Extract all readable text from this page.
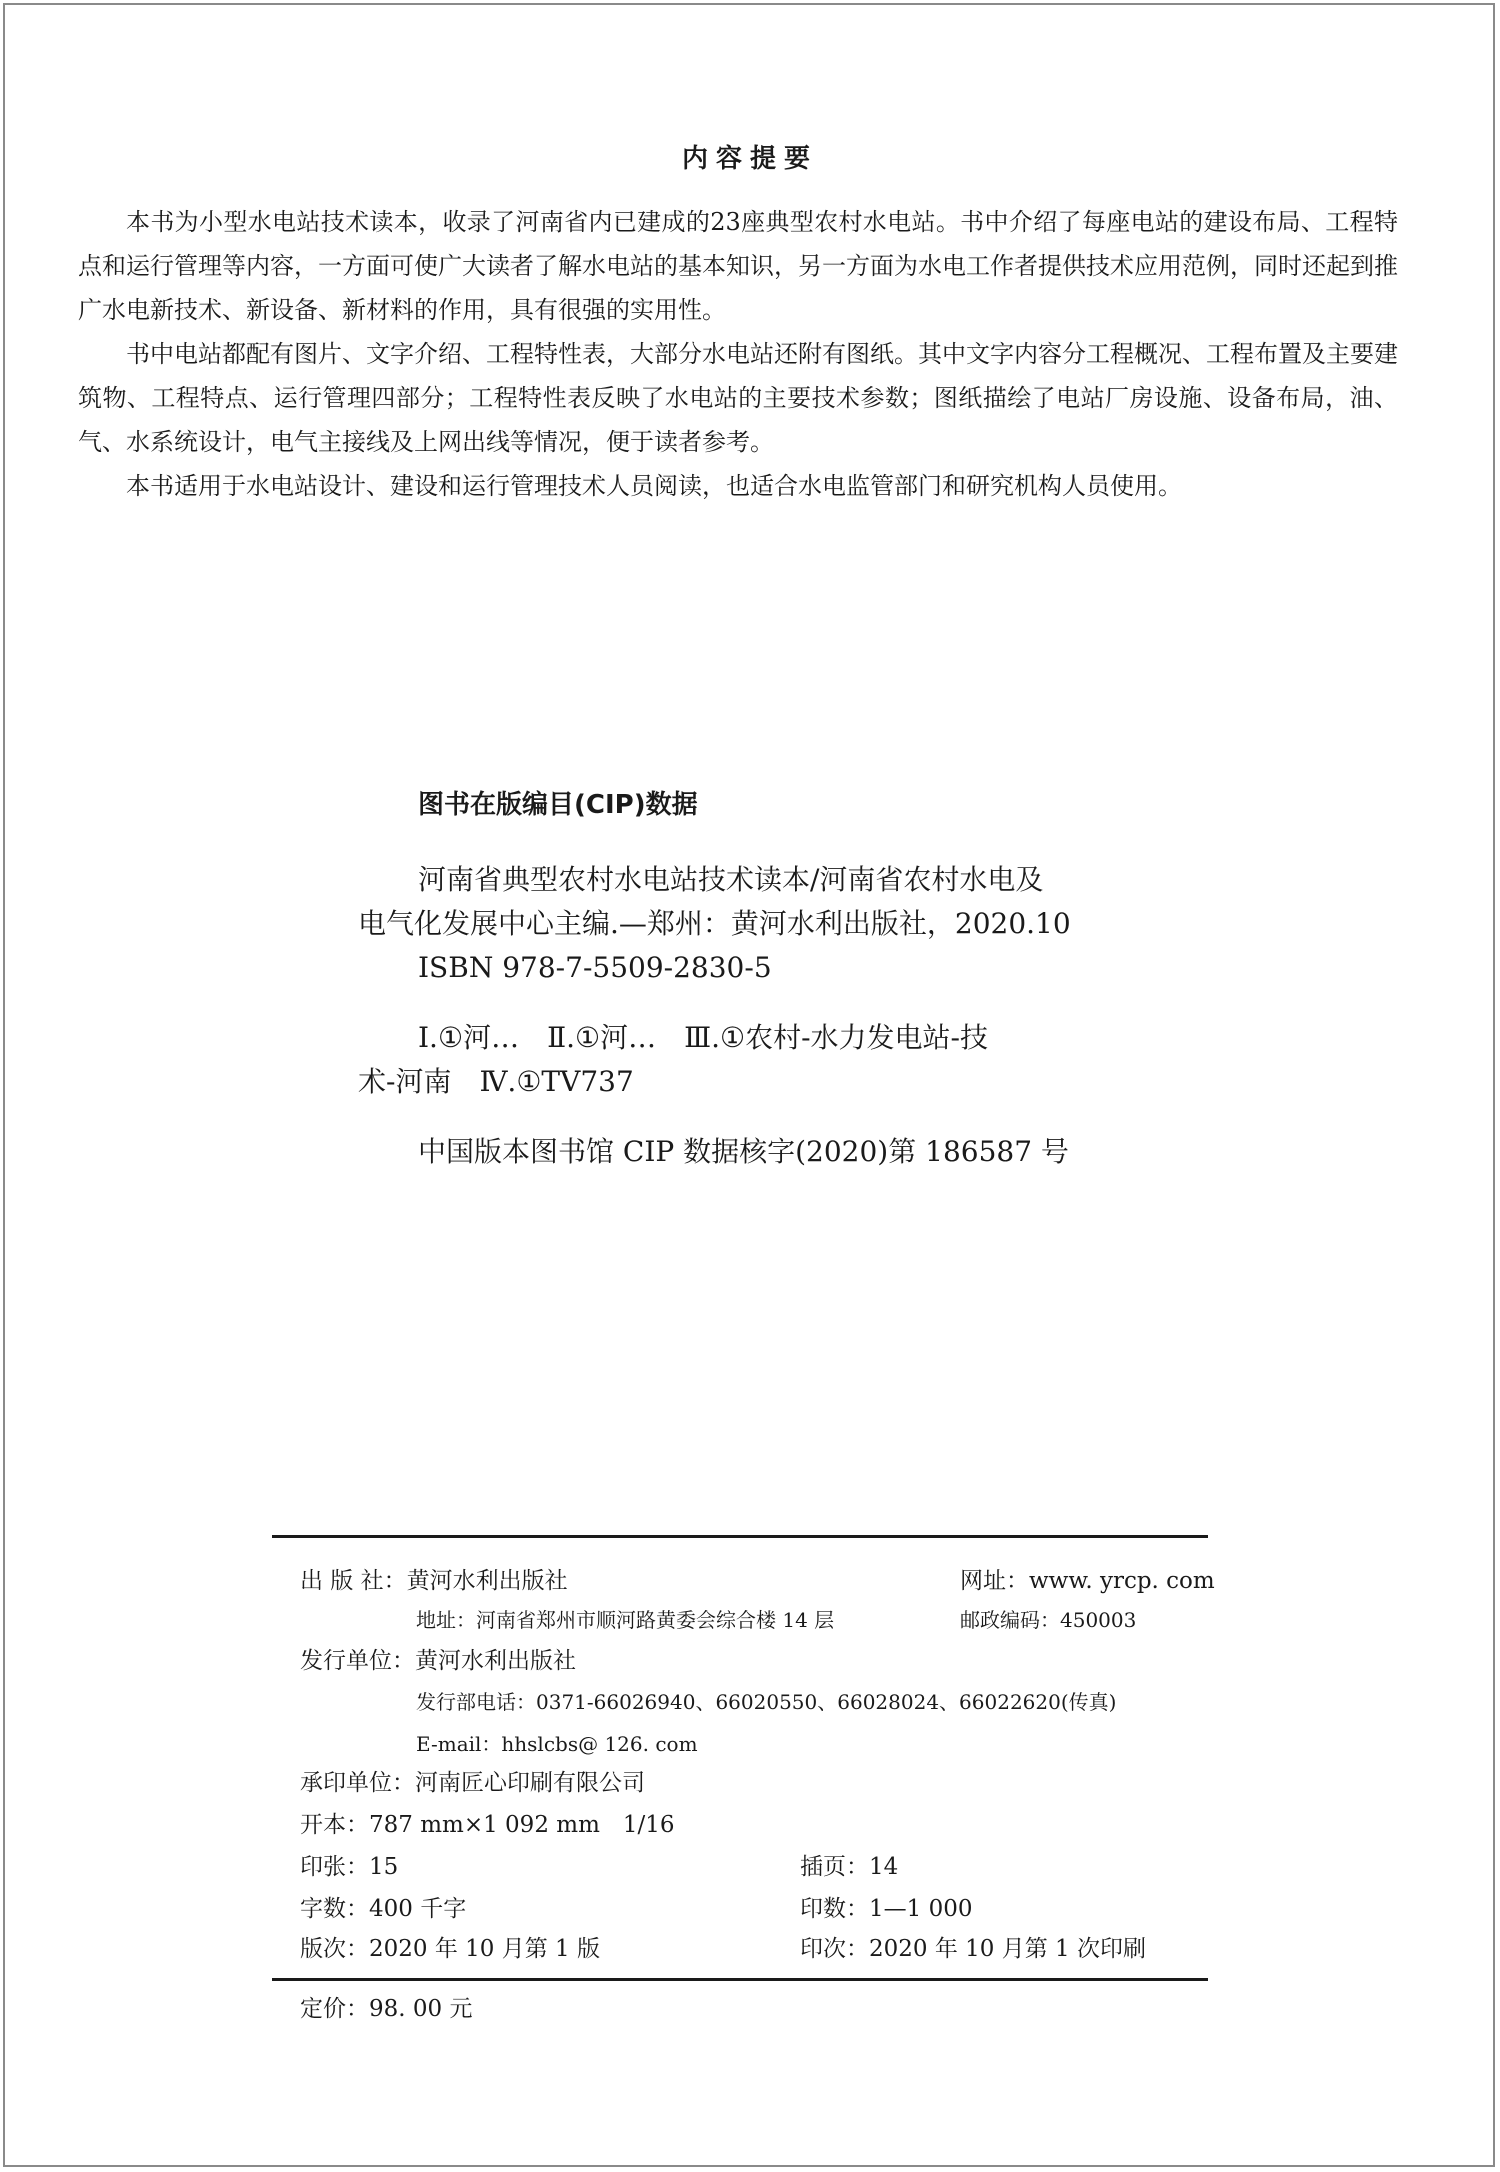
内容提要

本书为小型水电站技术读本，收录了河南省内已建成的23座典型农村水电站。书中介绍了每座电站的建设布局、工程特点和运行管理等内容，一方面可使广大读者了解水电站的基本知识，另一方面为水电工作者提供技术应用范例，同时还起到推广水电新技术、新设备、新材料的作用，具有很强的实用性。

书中电站都配有图片、文字介绍、工程特性表，大部分水电站还附有图纸。其中文字内容分工程概况、工程布置及主要建筑物、工程特点、运行管理四部分；工程特性表反映了水电站的主要技术参数；图纸描绘了电站厂房设施、设备布局，油、气、水系统设计，电气主接线及上网出线等情况，便于读者参考。

本书适用于水电站设计、建设和运行管理技术人员阅读，也适合水电监管部门和研究机构人员使用。

图书在版编目(CIP)数据
河南省典型农村水电站技术读本/河南省农村水电及
电气化发展中心主编.—郑州：黄河水利出版社，2020.10
ISBN 978-7-5509-2830-5
Ⅰ.①河…　Ⅱ.①河…　Ⅲ.①农村-水力发电站-技
术-河南　Ⅳ.①TV737
中国版本图书馆 CIP 数据核字(2020)第 186587 号
出 版 社：黄河水利出版社	网址：www. yrcp. com
地址：河南省郑州市顺河路黄委会综合楼 14 层	邮政编码：450003
发行单位：黄河水利出版社
发行部电话：0371-66026940、66020550、66028024、66022620(传真)
E-mail：hhslcbs@ 126. com
承印单位：河南匠心印刷有限公司
开本：787 mm×1 092 mm　1/16
印张：15	插页：14
字数：400 千字	印数：1—1 000
版次：2020 年 10 月第 1 版	印次：2020 年 10 月第 1 次印刷
定价：98. 00 元
